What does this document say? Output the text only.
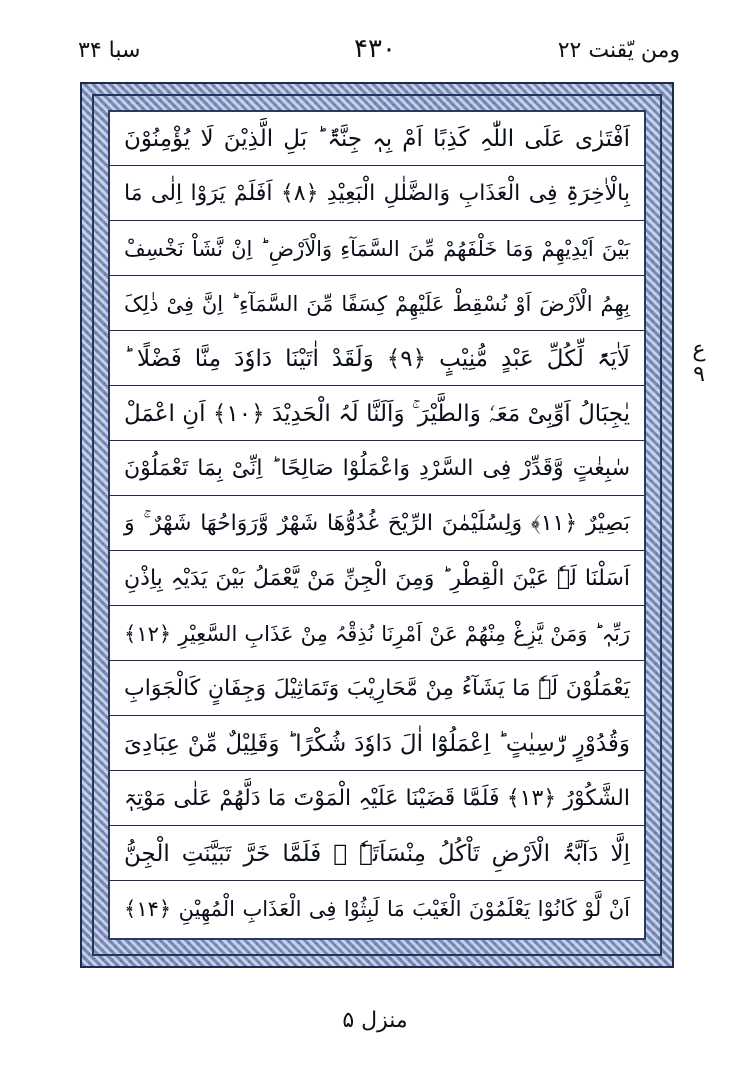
ومن يّقنت ۲۲
۴۳۰
سبا ۳۴
اَفْتَرٰی عَلَی اللّٰہِ کَذِبًا اَمْ بِہٖ جِنَّۃٌ ؕ بَلِ الَّذِیْنَ لَا یُؤْمِنُوْنَ
بِالْاٰخِرَۃِ فِی الْعَذَابِ وَالضَّلٰلِ الْبَعِیْدِ ﴿۸﴾ اَفَلَمْ یَرَوْا اِلٰی مَا
بَیْنَ اَیْدِیْھِمْ وَمَا خَلْفَھُمْ مِّنَ السَّمَآءِ وَالْاَرْضِ ؕ اِنْ نَّشَاْ نَخْسِفْ
بِھِمُ الْاَرْضَ اَوْ نُسْقِطْ عَلَیْھِمْ کِسَفًا مِّنَ السَّمَآءِ ؕ اِنَّ فِیْ ذٰلِکَ
لَاٰیَۃً لِّکُلِّ عَبْدٍ مُّنِیْبٍ ﴿۹﴾ وَلَقَدْ اٰتَیْنَا دَاوٗدَ مِنَّا فَضْلًا ؕ
یٰجِبَالُ اَوِّبِیْ مَعَہٗ وَالطَّیْرَ ۚ وَاَلَنَّا لَہُ الْحَدِیْدَ ﴿۱۰﴾ اَنِ اعْمَلْ
سٰبِغٰتٍ وَّقَدِّرْ فِی السَّرْدِ وَاعْمَلُوْا صَالِحًا ؕ اِنِّیْ بِمَا تَعْمَلُوْنَ
بَصِیْرٌ ﴿۱۱﴾ وَلِسُلَیْمٰنَ الرِّیْحَ غُدُوُّھَا شَھْرٌ وَّرَوَاحُھَا شَھْرٌ ۚ وَ
اَسَلْنَا لَہٗ عَیْنَ الْقِطْرِ ؕ وَمِنَ الْجِنِّ مَنْ یَّعْمَلُ بَیْنَ یَدَیْہِ بِاِذْنِ
رَبِّہٖ ؕ وَمَنْ یَّزِغْ مِنْھُمْ عَنْ اَمْرِنَا نُذِقْہُ مِنْ عَذَابِ السَّعِیْرِ ﴿۱۲﴾
یَعْمَلُوْنَ لَہٗ مَا یَشَآءُ مِنْ مَّحَارِیْبَ وَتَمَاثِیْلَ وَجِفَانٍ کَالْجَوَابِ
وَقُدُوْرٍ رّٰسِیٰتٍ ؕ اِعْمَلُوْٓا اٰلَ دَاوٗدَ شُکْرًا ؕ وَقَلِیْلٌ مِّنْ عِبَادِیَ
الشَّکُوْرُ ﴿۱۳﴾ فَلَمَّا قَضَیْنَا عَلَیْہِ الْمَوْتَ مَا دَلَّھُمْ عَلٰی مَوْتِہٖٓ
اِلَّا دَآبَّۃُ الْاَرْضِ تَاْکُلُ مِنْسَاَتَہٗ ۚ فَلَمَّا خَرَّ تَبَیَّنَتِ الْجِنُّ
اَنْ لَّوْ کَانُوْا یَعْلَمُوْنَ الْغَیْبَ مَا لَبِثُوْا فِی الْعَذَابِ الْمُھِیْنِ ﴿۱۴﴾
ع ۹
منزل ۵
